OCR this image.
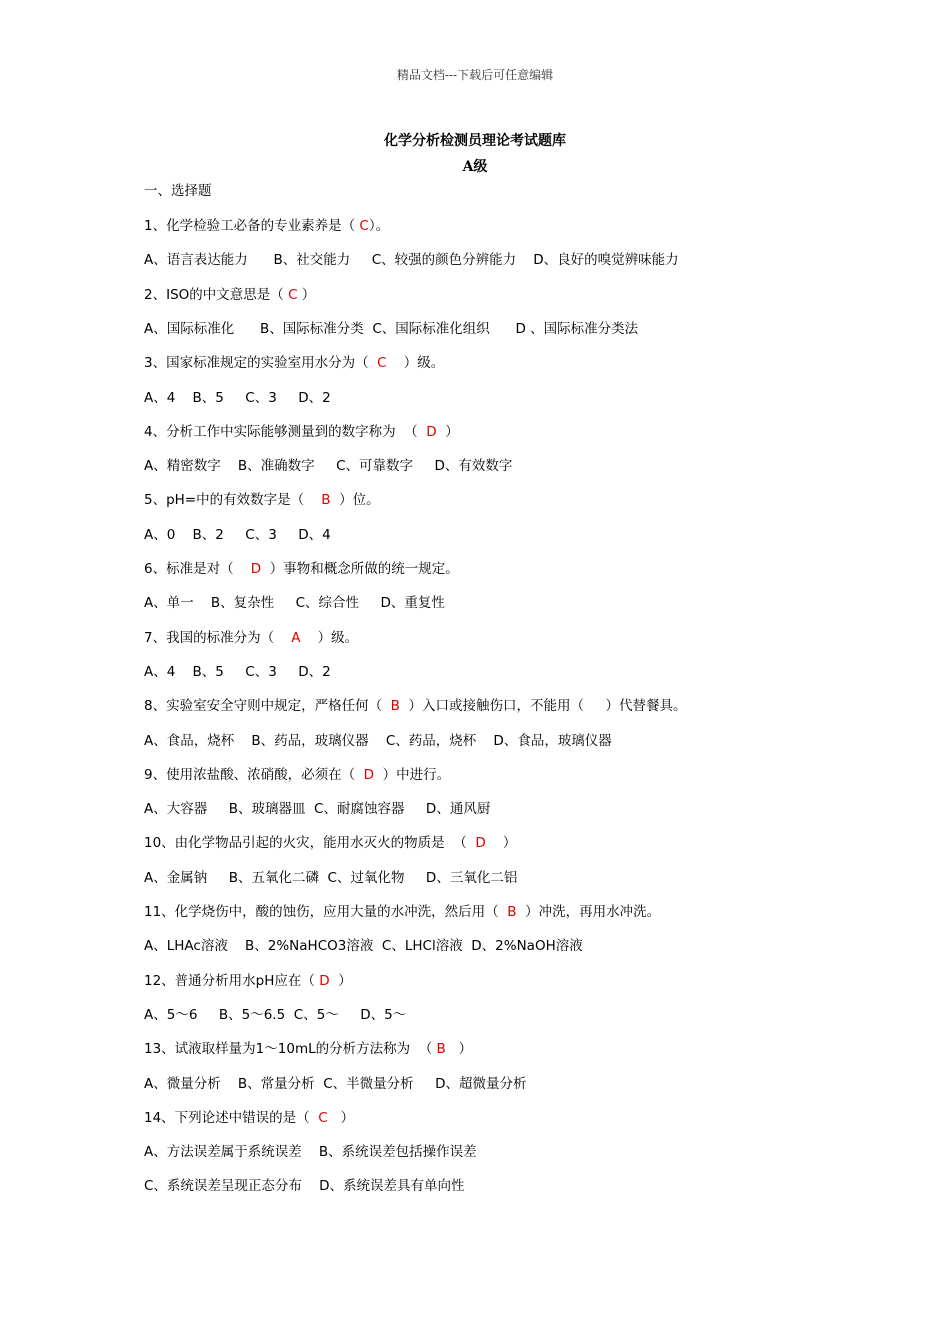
精品文档---下载后可任意编辑
化学分析检测员理论考试题库
A级
一、选择题
1、化学检验工必备的专业素养是（ C）。
A、语言表达能力      B、社交能力     C、较强的颜色分辨能力    D、良好的嗅觉辨味能力
2、ISO的中文意思是（ C ）
A、国际标准化      B、国际标准分类  C、国际标准化组织      D 、国际标准分类法
3、国家标准规定的实验室用水分为（  C    ）级。
A、4    B、5     C、3     D、2
4、分析工作中实际能够测量到的数字称为  （  D  ）
A、精密数字    B、准确数字     C、可靠数字     D、有效数字
5、pH=中的有效数字是（    B  ）位。
A、0    B、2     C、3     D、4
6、标准是对（    D  ）事物和概念所做的统一规定。
A、单一    B、复杂性     C、综合性     D、重复性
7、我国的标准分为（    A    ）级。
A、4    B、5     C、3     D、2
8、实验室安全守则中规定，严格任何（  B  ）入口或接触伤口，不能用（     ）代替餐具。
A、食品，烧杯    B、药品，玻璃仪器    C、药品，烧杯    D、食品，玻璃仪器
9、使用浓盐酸、浓硝酸，必须在（  D  ）中进行。
A、大容器     B、玻璃器皿  C、耐腐蚀容器     D、通风厨
10、由化学物品引起的火灾，能用水灭火的物质是  （  D    ）
A、金属钠     B、五氧化二磷  C、过氧化物     D、三氧化二铝
11、化学烧伤中，酸的蚀伤，应用大量的水冲洗，然后用（  B  ）冲洗，再用水冲洗。
A、LHAc溶液    B、2%NaHCO3溶液  C、LHCl溶液  D、2%NaOH溶液
12、普通分析用水pH应在（ D  ）
A、5～6     B、5～6.5  C、5～     D、5～
13、试液取样量为1～10mL的分析方法称为  （ B   ）
A、微量分析    B、常量分析  C、半微量分析     D、超微量分析
14、下列论述中错误的是（  C   ）
A、方法误差属于系统误差    B、系统误差包括操作误差
C、系统误差呈现正态分布    D、系统误差具有单向性
